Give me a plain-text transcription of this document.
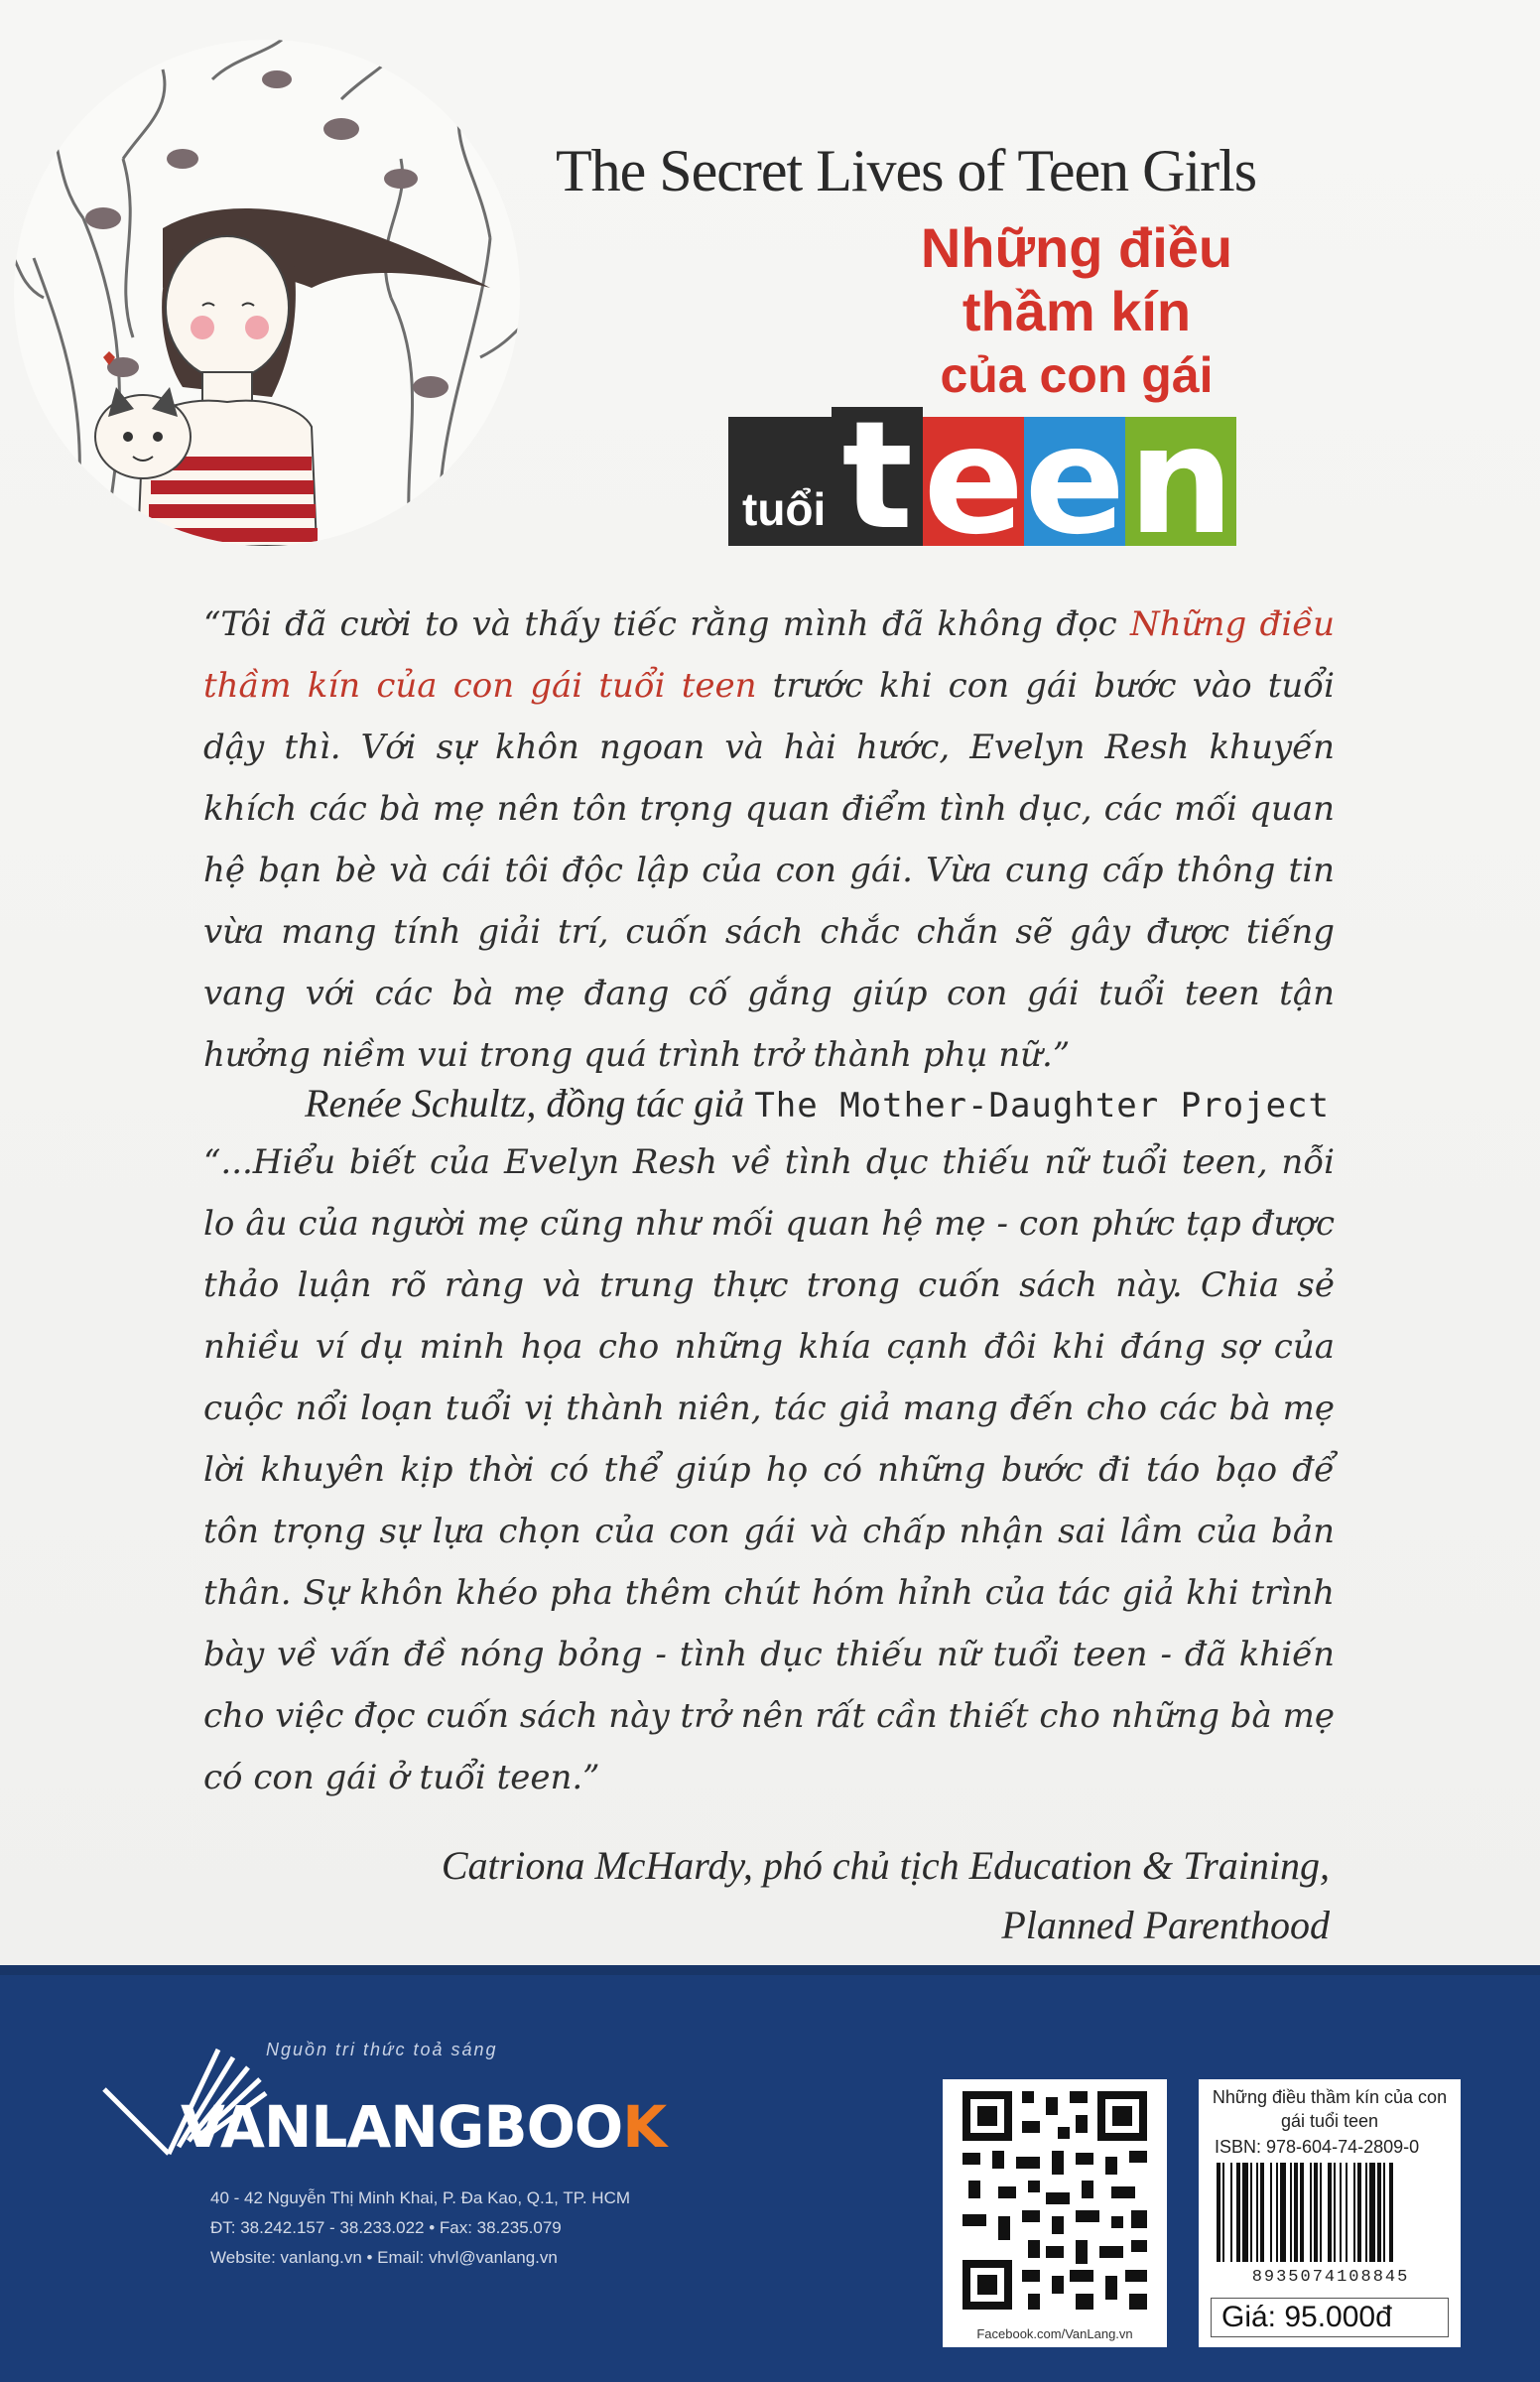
The Secret Lives of Teen Girls
Những điều
thầm kín
của con gái
tuổi t e e n
“Tôi đã cười to và thấy tiếc rằng mình đã không đọc Những điều thầm kín của con gái tuổi teen trước khi con gái bước vào tuổi dậy thì. Với sự khôn ngoan và hài hước, Evelyn Resh khuyến khích các bà mẹ nên tôn trọng quan điểm tình dục, các mối quan hệ bạn bè và cái tôi độc lập của con gái. Vừa cung cấp thông tin vừa mang tính giải trí, cuốn sách chắc chắn sẽ gây được tiếng vang với các bà mẹ đang cố gắng giúp con gái tuổi teen tận hưởng niềm vui trong quá trình trở thành phụ nữ.”
Renée Schultz, đồng tác giả The Mother-Daughter Project
“...Hiểu biết của Evelyn Resh về tình dục thiếu nữ tuổi teen, nỗi lo âu của người mẹ cũng như mối quan hệ mẹ - con phức tạp được thảo luận rõ ràng và trung thực trong cuốn sách này. Chia sẻ nhiều ví dụ minh họa cho những khía cạnh đôi khi đáng sợ của cuộc nổi loạn tuổi vị thành niên, tác giả mang đến cho các bà mẹ lời khuyên kịp thời có thể giúp họ có những bước đi táo bạo để tôn trọng sự lựa chọn của con gái và chấp nhận sai lầm của bản thân. Sự khôn khéo pha thêm chút hóm hỉnh của tác giả khi trình bày về vấn đề nóng bỏng - tình dục thiếu nữ tuổi teen - đã khiến cho việc đọc cuốn sách này trở nên rất cần thiết cho những bà mẹ có con gái ở tuổi teen.”
Catriona McHardy, phó chủ tịch Education & Training,
Planned Parenthood
Nguồn tri thức toả sáng
VANLANGBOOK
40 - 42 Nguyễn Thị Minh Khai, P. Đa Kao, Q.1, TP. HCM
ĐT: 38.242.157 - 38.233.022 • Fax: 38.235.079
Website: vanlang.vn • Email: vhvl@vanlang.vn
Facebook.com/VanLang.vn
Những điều thầm kín của con gái tuổi teen
ISBN: 978-604-74-2809-0
8935074108845
Giá: 95.000đ
